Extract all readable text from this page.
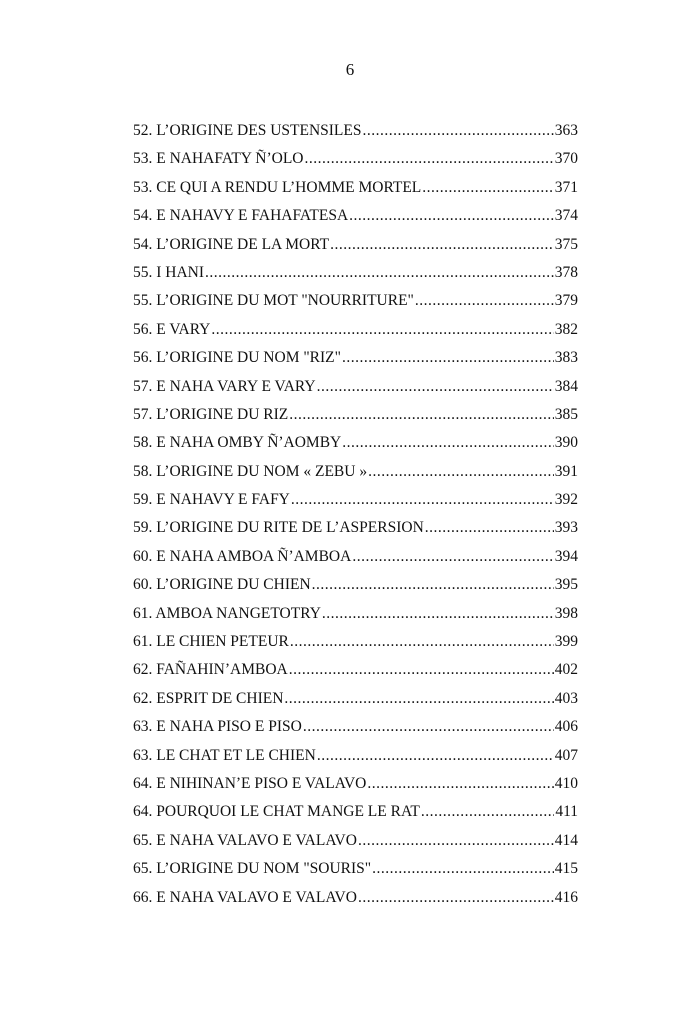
6
52. L’ORIGINE DES USTENSILES .....	363
53. E NAHAFATY Ñ’OLO .....	370
53. CE QUI A RENDU L’HOMME MORTEL .....	371
54. E NAHAVY E FAHAFATESA .....	374
54. L’ORIGINE DE LA MORT .....	375
55. I HANI .....	378
55. L’ORIGINE DU MOT "NOURRITURE" .....	379
56. E VARY .....	382
56. L’ORIGINE DU NOM "RIZ" .....	383
57. E NAHA VARY E VARY .....	384
57. L’ORIGINE DU RIZ .....	385
58. E NAHA OMBY Ñ’AOMBY .....	390
58. L’ORIGINE DU NOM « ZEBU » .....	391
59. E NAHAVY E FAFY .....	392
59. L’ORIGINE DU RITE DE L’ASPERSION .....	393
60. E NAHA AMBOA Ñ’AMBOA .....	394
60. L’ORIGINE DU CHIEN .....	395
61. AMBOA NANGETOTRY .....	398
61. LE CHIEN PETEUR .....	399
62. FAÑAHIN’AMBOA .....	402
62. ESPRIT DE CHIEN .....	403
63. E NAHA PISO E PISO .....	406
63. LE CHAT ET LE CHIEN .....	407
64. E NIHINAN’E PISO E VALAVO .....	410
64. POURQUOI LE CHAT MANGE LE RAT .....	411
65. E NAHA VALAVO E VALAVO .....	414
65. L’ORIGINE DU NOM "SOURIS" .....	415
66. E NAHA VALAVO E VALAVO .....	416
